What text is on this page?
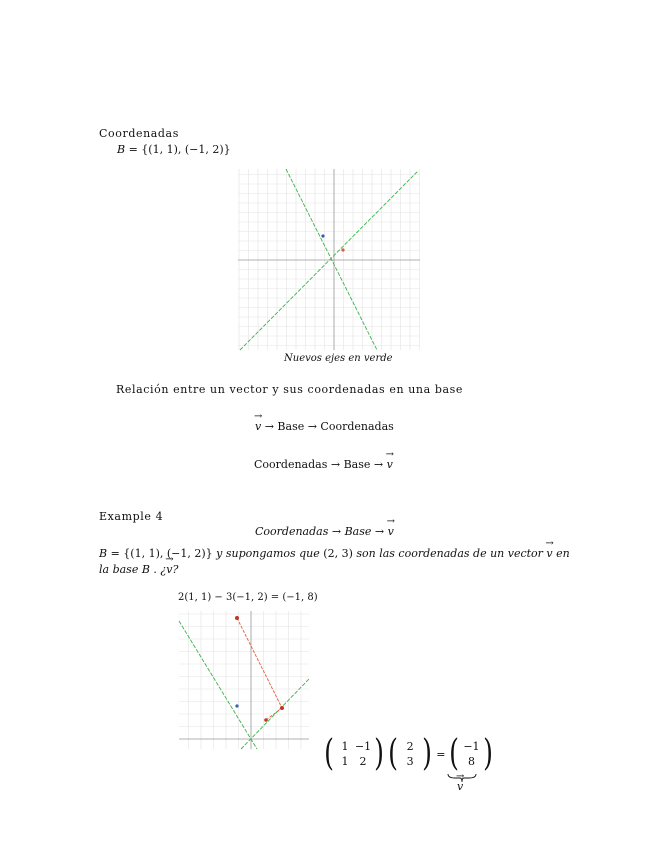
Coordenadas
B = {(1, 1), (−1, 2)}
Nuevos ejes en verde
Relación entre un vector y sus coordenadas en una base
→ v → Base → Coordenadas
Coordenadas → Base → → v
Example 4
Coordenadas → Base → → v
B = {(1, 1), (−1, 2)} y supongamos que (2, 3) son las coordenadas de un vector → v en
la base B . ¿→ v?
2(1, 1) − 3(−1, 2) = (−1, 8)
( 1 −1
1	2 ) ( 2
3 ) = ( −1
8 )
→ v
